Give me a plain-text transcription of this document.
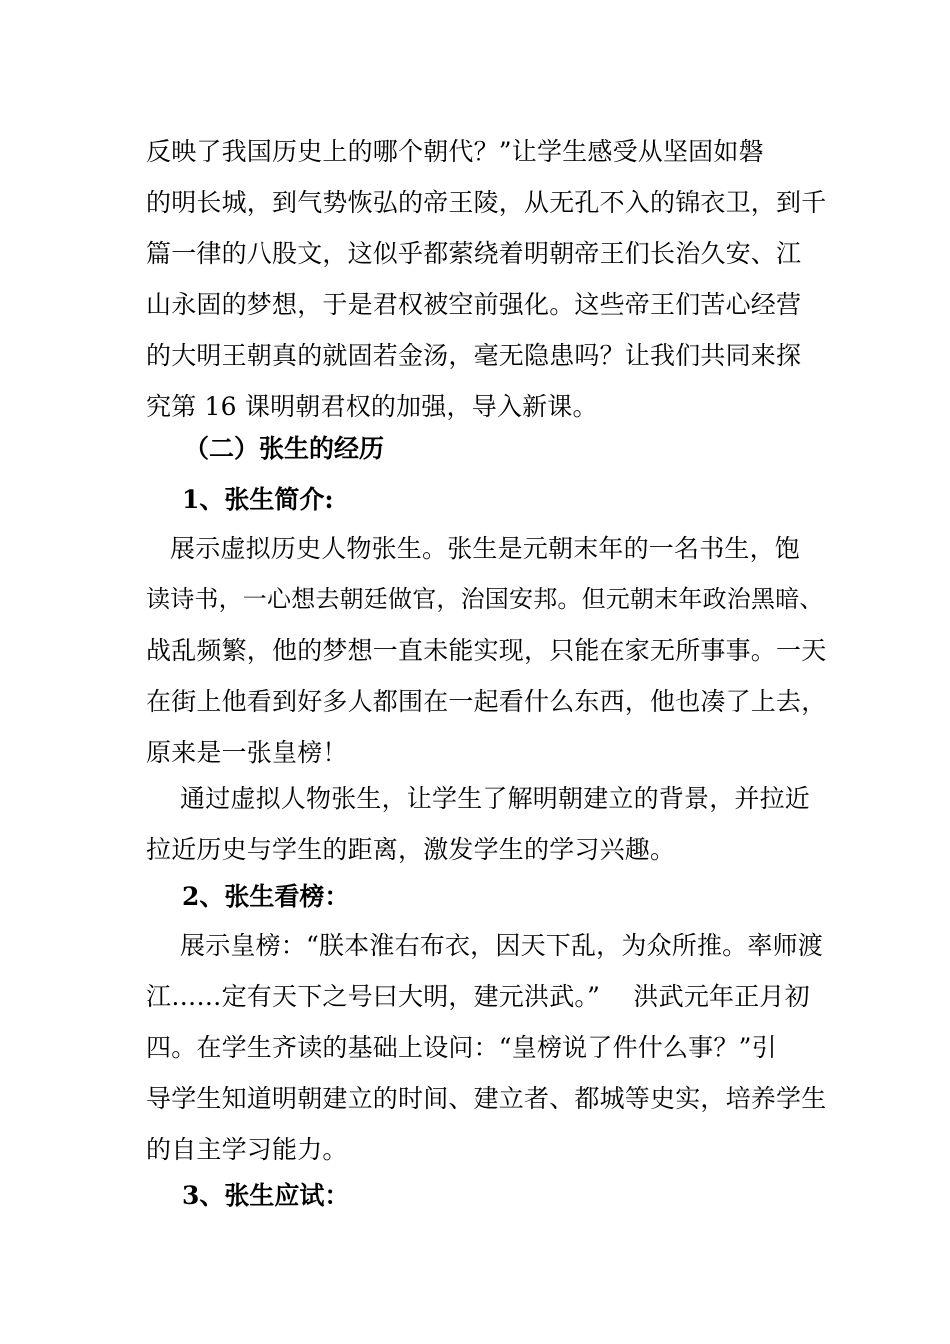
反映了我国历史上的哪个朝代？”让学生感受从坚固如磐
的明长城，到气势恢弘的帝王陵，从无孔不入的锦衣卫，到千
篇一律的八股文，这似乎都萦绕着明朝帝王们长治久安、江
山永固的梦想，于是君权被空前强化。这些帝王们苦心经营
的大明王朝真的就固若金汤，毫无隐患吗？让我们共同来探
究第 16 课明朝君权的加强，导入新课。
（二）张生的经历
1、张生简介:
展示虚拟历史人物张生。张生是元朝末年的一名书生，饱
读诗书，一心想去朝廷做官，治国安邦。但元朝末年政治黑暗、
战乱频繁，他的梦想一直未能实现，只能在家无所事事。一天
在街上他看到好多人都围在一起看什么东西，他也凑了上去，
原来是一张皇榜！
通过虚拟人物张生，让学生了解明朝建立的背景，并拉近
拉近历史与学生的距离，激发学生的学习兴趣。
2、张生看榜：
展示皇榜：“朕本淮右布衣，因天下乱，为众所推。率师渡
江……定有天下之号曰大明，建元洪武。”　 洪武元年正月初
四。在学生齐读的基础上设问：“皇榜说了件什么事？”引
导学生知道明朝建立的时间、建立者、都城等史实，培养学生
的自主学习能力。
3、张生应试：
